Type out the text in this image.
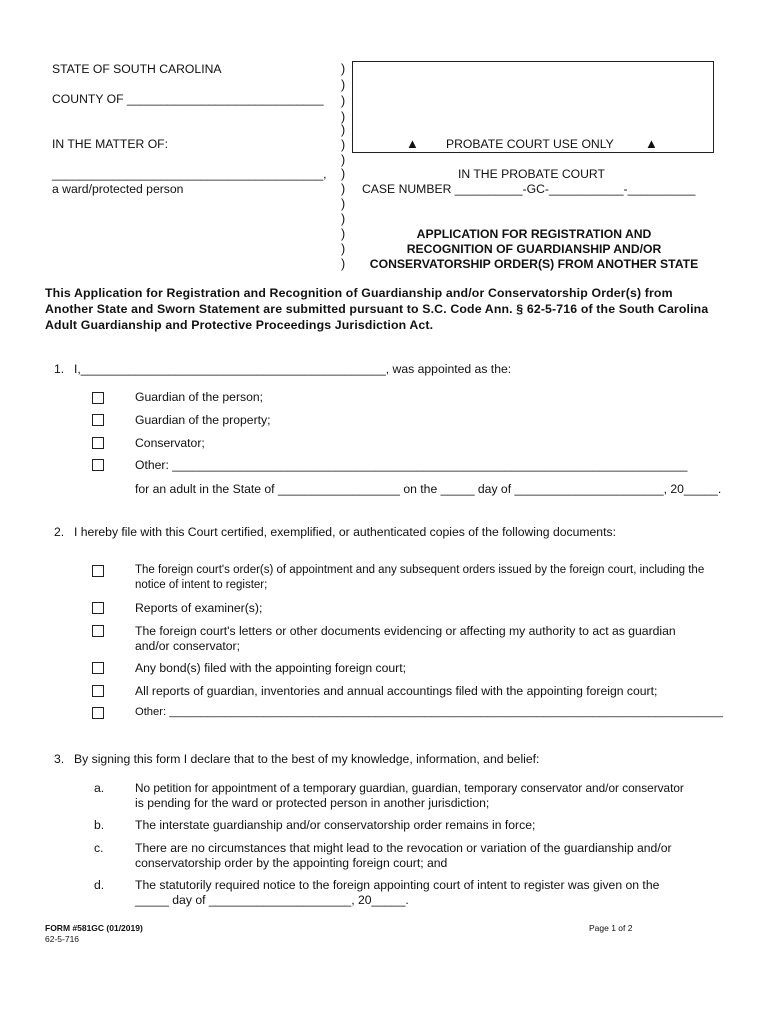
STATE OF SOUTH CAROLINA
COUNTY OF _____________________________
IN THE MATTER OF:
________________________________________,
a ward/protected person
)
)
)
)
)
)
)
)
)
)
)
)
)
)
▲ PROBATE COURT USE ONLY ▲
IN THE PROBATE COURT
CASE NUMBER __________-GC-___________-__________
APPLICATION FOR REGISTRATION AND
RECOGNITION OF GUARDIANSHIP AND/OR
CONSERVATORSHIP ORDER(S) FROM ANOTHER STATE
This Application for Registration and Recognition of Guardianship and/or Conservatorship Order(s) from Another State and Sworn Statement are submitted pursuant to S.C. Code Ann. § 62-5-716 of the South Carolina Adult Guardianship and Protective Proceedings Jurisdiction Act.
1. I,_____________________________________________, was appointed as the:
Guardian of the person;
Guardian of the property;
Conservator;
Other: ____________________________________________________________________________
for an adult in the State of __________________ on the _____ day of ______________________, 20_____.
2. I hereby file with this Court certified, exemplified, or authenticated copies of the following documents:
The foreign court's order(s) of appointment and any subsequent orders issued by the foreign court, including the
notice of intent to register;
Reports of examiner(s);
The foreign court's letters or other documents evidencing or affecting my authority to act as guardian
and/or conservator;
Any bond(s) filed with the appointing foreign court;
All reports of guardian, inventories and annual accountings filed with the appointing foreign court;
Other: _________________________________________________________________________________________
3. By signing this form I declare that to the best of my knowledge, information, and belief:
a.	No petition for appointment of a temporary guardian, guardian, temporary conservator and/or conservator
is pending for the ward or protected person in another jurisdiction;
b.	The interstate guardianship and/or conservatorship order remains in force;
c.	There are no circumstances that might lead to the revocation or variation of the guardianship and/or
conservatorship order by the appointing foreign court; and
d.	The statutorily required notice to the foreign appointing court of intent to register was given on the
_____ day of _____________________, 20_____.
FORM #581GC (01/2019)
62-5-716
Page 1 of 2
